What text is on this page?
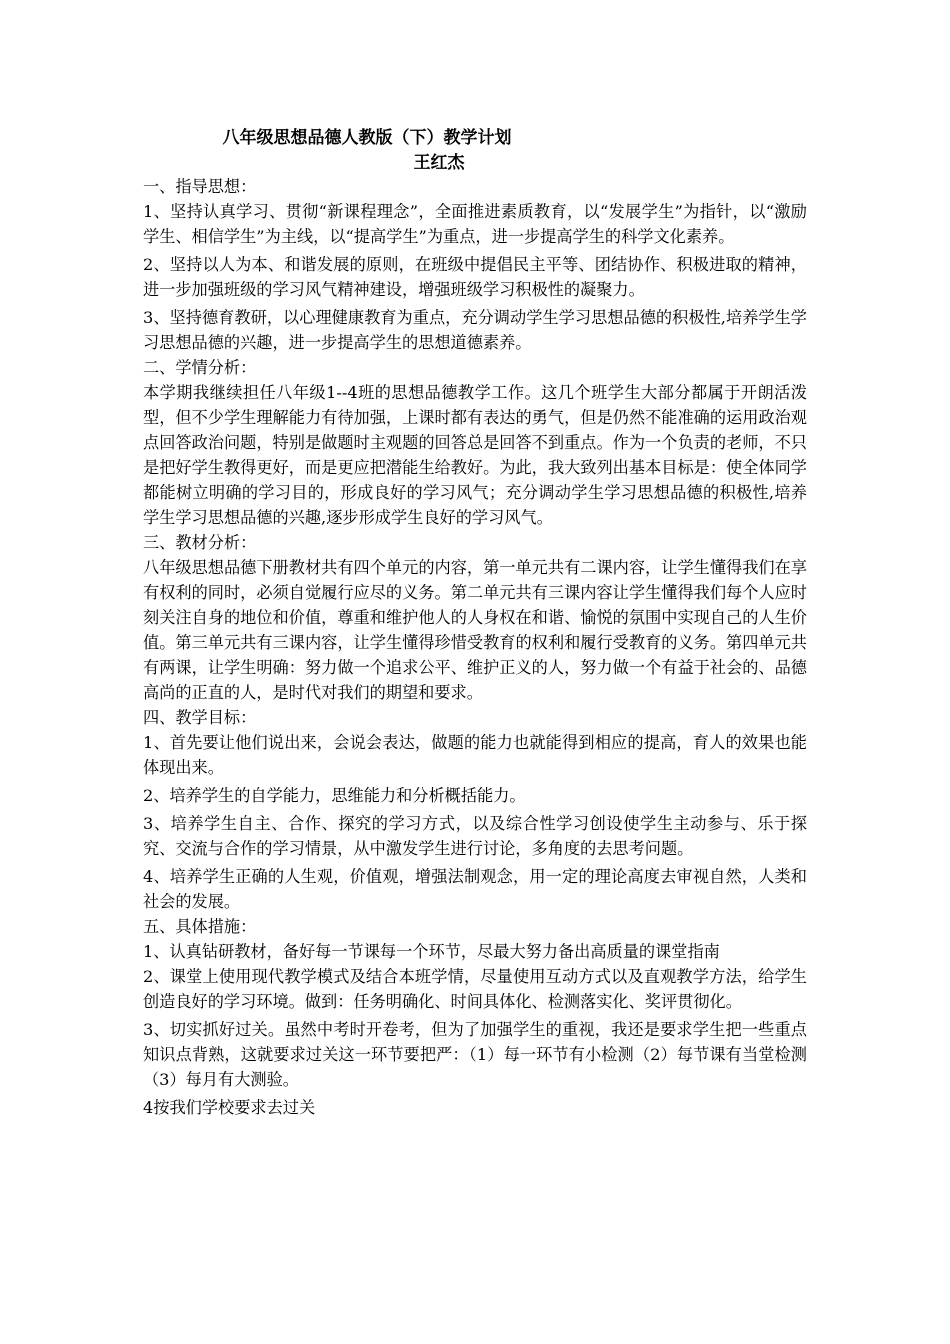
八年级思想品德人教版（下）教学计划
王红杰

一、指导思想：

1、坚持认真学习、贯彻“新课程理念”，全面推进素质教育，以“发展学生”为指针，以“激励学生、相信学生”为主线，以“提高学生”为重点，进一步提高学生的科学文化素养。

2、坚持以人为本、和谐发展的原则，在班级中提倡民主平等、团结协作、积极进取的精神，进一步加强班级的学习风气精神建设，增强班级学习积极性的凝聚力。

3、坚持德育教研，以心理健康教育为重点，充分调动学生学习思想品德的积极性,培养学生学习思想品德的兴趣，进一步提高学生的思想道德素养。

二、学情分析：

本学期我继续担任八年级1--4班的思想品德教学工作。这几个班学生大部分都属于开朗活泼型，但不少学生理解能力有待加强，上课时都有表达的勇气，但是仍然不能准确的运用政治观点回答政治问题，特别是做题时主观题的回答总是回答不到重点。作为一个负责的老师，不只是把好学生教得更好，而是更应把潜能生给教好。为此，我大致列出基本目标是：使全体同学都能树立明确的学习目的，形成良好的学习风气；充分调动学生学习思想品德的积极性,培养学生学习思想品德的兴趣,逐步形成学生良好的学习风气。

三、教材分析：

八年级思想品德下册教材共有四个单元的内容，第一单元共有二课内容，让学生懂得我们在享有权利的同时，必须自觉履行应尽的义务。第二单元共有三课内容让学生懂得我们每个人应时刻关注自身的地位和价值，尊重和维护他人的人身权在和谐、愉悦的氛围中实现自己的人生价值。第三单元共有三课内容，让学生懂得珍惜受教育的权利和履行受教育的义务。第四单元共有两课，让学生明确：努力做一个追求公平、维护正义的人，努力做一个有益于社会的、品德高尚的正直的人，是时代对我们的期望和要求。

四、教学目标：

1、首先要让他们说出来，会说会表达，做题的能力也就能得到相应的提高，育人的效果也能体现出来。

2、培养学生的自学能力，思维能力和分析概括能力。

3、培养学生自主、合作、探究的学习方式，以及综合性学习创设使学生主动参与、乐于探究、交流与合作的学习情景，从中激发学生进行讨论，多角度的去思考问题。

4、培养学生正确的人生观，价值观，增强法制观念，用一定的理论高度去审视自然，人类和社会的发展。

五、具体措施：

1、认真钻研教材，备好每一节课每一个环节，尽最大努力备出高质量的课堂指南

2、课堂上使用现代教学模式及结合本班学情，尽量使用互动方式以及直观教学方法，给学生创造良好的学习环境。做到：任务明确化、时间具体化、检测落实化、奖评贯彻化。

3、切实抓好过关。虽然中考时开卷考，但为了加强学生的重视，我还是要求学生把一些重点知识点背熟，这就要求过关这一环节要把严：（1）每一环节有小检测（2）每节课有当堂检测 （3）每月有大测验。

4按我们学校要求去过关
